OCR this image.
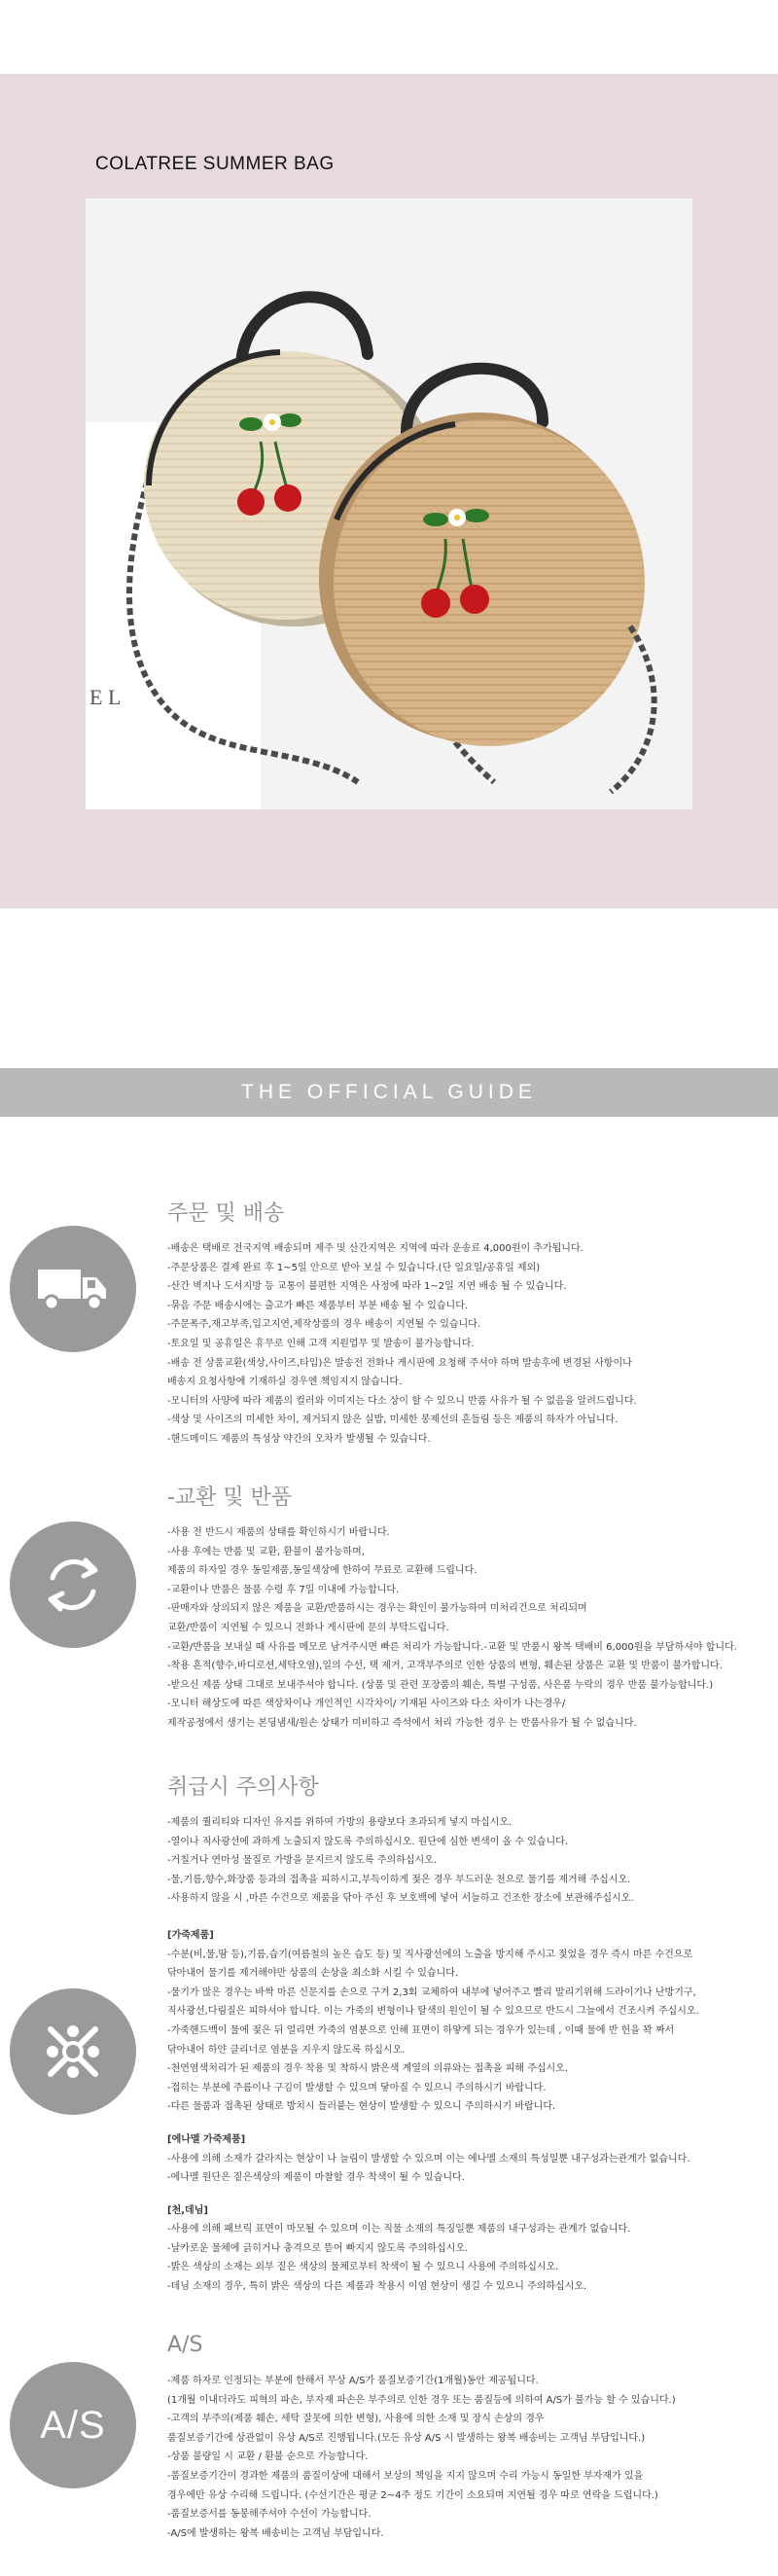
COLATREE SUMMER BAG
E L
THE OFFICIAL GUIDE
주문 및 배송
-배송은 택배로 전국지역 배송되며 제주 및 산간지역은 지역에 따라 운송료 4,000원이 추가됩니다.
-주문상품은 결제 완료 후 1~5일 안으로 받아 보실 수 있습니다.(단 일요일/공휴일 제외)
-산간 벽지나 도서지방 등 교통이 불편한 지역은 사정에 따라 1~2일 지연 배송 될 수 있습니다.
-묶음 주문 배송시에는 출고가 빠른 제품부터 부분 배송 될 수 있습니다.
-주문폭주,재고부족,입고지연,제작상품의 경우 배송이 지연될 수 있습니다.
-토요일 및 공휴일은 휴무로 인해 고객 지원업무 및 발송이 불가능합니다.
-배송 전 상품교환(색상,사이즈,타입)은 발송전 전화나 게시판에 요청해 주셔야 하며 발송후에 변경된 사항이나
배송지 요청사항에 기재하실 경우엔 책임지지 않습니다.
-모니터의 사양에 따라 제품의 컬러와 이미지는 다소 상이 할 수 있으니 반품 사유가 될 수 없음을 알려드립니다.
-색상 및 사이즈의 미세한 차이, 제거되지 않은 실밥, 미세한 봉제선의 흔들림 등은 제품의 하자가 아닙니다.
-핸드메이드 제품의 특성상 약간의 오차가 발생될 수 있습니다.
-교환 및 반품
-사용 전 반드시 제품의 상태를 확인하시기 바랍니다.
-사용 후에는 반품 및 교환, 환불이 불가능하며,
제품의 하자일 경우 동일제품,동일색상에 한하여 무료로 교환해 드립니다.
-교환이나 반품은 물품 수령 후 7일 이내에 가능합니다.
-판매자와 상의되지 않은 제품을 교환/반품하시는 경우는 확인이 불가능하여 미처리건으로 처리되며
교환/반품이 지연될 수 있으니 전화나 게시판에 문의 부탁드립니다.
-교환/반품을 보내실 때 사유를 메모로 남겨주시면 빠른 처리가 가능합니다.-교환 및 반품시 왕복 택배비 6,000원을 부담하셔야 합니다.
-착용 흔적(향수,바디로션,세탁오염),일의 수선, 택 제거, 고객부주의로 인한 상품의 변형, 훼손된 상품은 교환 및 반품이 불가합니다.
-받으신 제품 상태 그대로 보내주셔야 합니다. (상품 및 관련 포장품의 훼손, 특별 구성품, 사은품 누락의 경우 반품 불가능합니다.)
-모니터 해상도에 따른 색상차이나 개인적인 시각차이/ 기재된 사이즈와 다소 차이가 나는경우/
제작공정에서 생기는 본딩냄새/원손 상태가 미비하고 즉석에서 처리 가능한 경우 는 반품사유가 될 수 없습니다.
취급시 주의사항
-제품의 퀄리티와 디자인 유지를 위하여 가방의 용량보다 초과되게 넣지 마십시오.
-열이나 직사광선에 과하게 노출되지 않도록 주의하십시오. 원단에 심한 변색이 올 수 있습니다.
-거칠거나 연마성 물질로 가방을 문지르지 않도록 주의하십시오.
-물,기름,향수,화장품 등과의 접촉을 피하시고,부득이하게 젖은 경우 부드러운 천으로 물기를 제거해 주십시오.
-사용하지 않을 시 ,마른 수건으로 제품을 닦아 주신 후 보호백에 넣어 서늘하고 건조한 장소에 보관해주십시오.
[가죽제품]
-수분(비,물,땀 등),기름,습기(여름철의 높은 습도 등) 및 직사광선에의 노출을 방지해 주시고 젖었을 경우 즉시 마른 수건으로
닦아내어 물기를 제거해야만 상품의 손상을 최소화 시킬 수 있습니다.
-물기가 많은 경우는 바싹 마른 신문지를 손으로 구겨 2,3회 교체하여 내부에 넣어주고 빨리 말리기위해 드라이기나 난방기구,
직사광선,다림질은 피하셔야 합니다. 이는 가죽의 변형이나 탈색의 원인이 될 수 있으므로 반드시 그늘에서 건조시켜 주십시오.
-가죽핸드백이 물에 젖은 뒤 얼리면 가죽의 염분으로 인해 표면이 하얗게 되는 경우가 있는데 , 이때 물에 반 헌을 꽉 짜서
닦아내어 하얀 클리너로 염분을 지우지 않도록 하십시오.
-천연염색처리가 된 제품의 경우 착용 및 착하시 밝은색 계열의 의류와는 접촉을 피해 주십시오.
-접히는 부분에 주름이나 구김이 발생할 수 있으며 닿아질 수 있으니 주의하시기 바랍니다.
-다른 물품과 접촉된 상태로 방치시 들러붙는 현상이 발생할 수 있으니 주의하시기 바랍니다.
[에나멜 가죽제품]
-사용에 의해 소재가 갈라지는 현상이 나 늘림이 발생할 수 있으며 이는 에나멜 소재의 특성일뿐 내구성과는관계가 없습니다.
-에나멜 원단은 짙은색상의 제품이 마찰할 경우 착색이 될 수 있습니다.
[천,데님]
-사용에 의해 패브릭 표면이 마모될 수 있으며 이는 직물 소재의 특징일뿐 제품의 내구성과는 관계가 없습니다.
-날카로운 물체에 긁히거나 충격으로 뜯어 빠지지 않도록 주의하십시오.
-밝은 색상의 소재는 외부 짙은 색상의 물체로부터 착색이 될 수 있으니 사용에 주의하십시오.
-데님 소재의 경우, 특히 밝은 색상의 다른 제품과 착용시 이염 현상이 생길 수 있으니 주의하십시오.
A/S
A/S
-제품 하자로 인정되는 부분에 한해서 무상 A/S가 품질보증기간(1개월)동안 제공됩니다.
(1개월 이내더라도 피혁의 파손, 부자재 파손은 부주의로 인한 경우 또는 품질등에 의하여 A/S가 불가능 할 수 있습니다.)
-고객의 부주의(제품 훼손, 세탁 잘못에 의한 변형), 사용에 의한 소재 및 장식 손상의 경우
품질보증기간에 상관없이 유상 A/S로 진행됩니다.(모든 유상 A/S 시 발생하는 왕복 배송비는 고객님 부담입니다.)
-상품 불량일 시 교환 / 환불 순으로 가능합니다.
-품질보증기간이 경과한 제품의 품질이상에 대해서 보상의 책임을 지지 않으며 수리 가능시 동일한 부자재가 있을
경우에만 유상 수리해 드립니다. (수선기간은 평균 2~4주 정도 기간이 소요되며 지연될 경우 따로 연락을 드립니다.)
-품질보증서를 동봉해주셔야 수선이 가능합니다.
-A/S에 발생하는 왕복 배송비는 고객님 부담입니다.
